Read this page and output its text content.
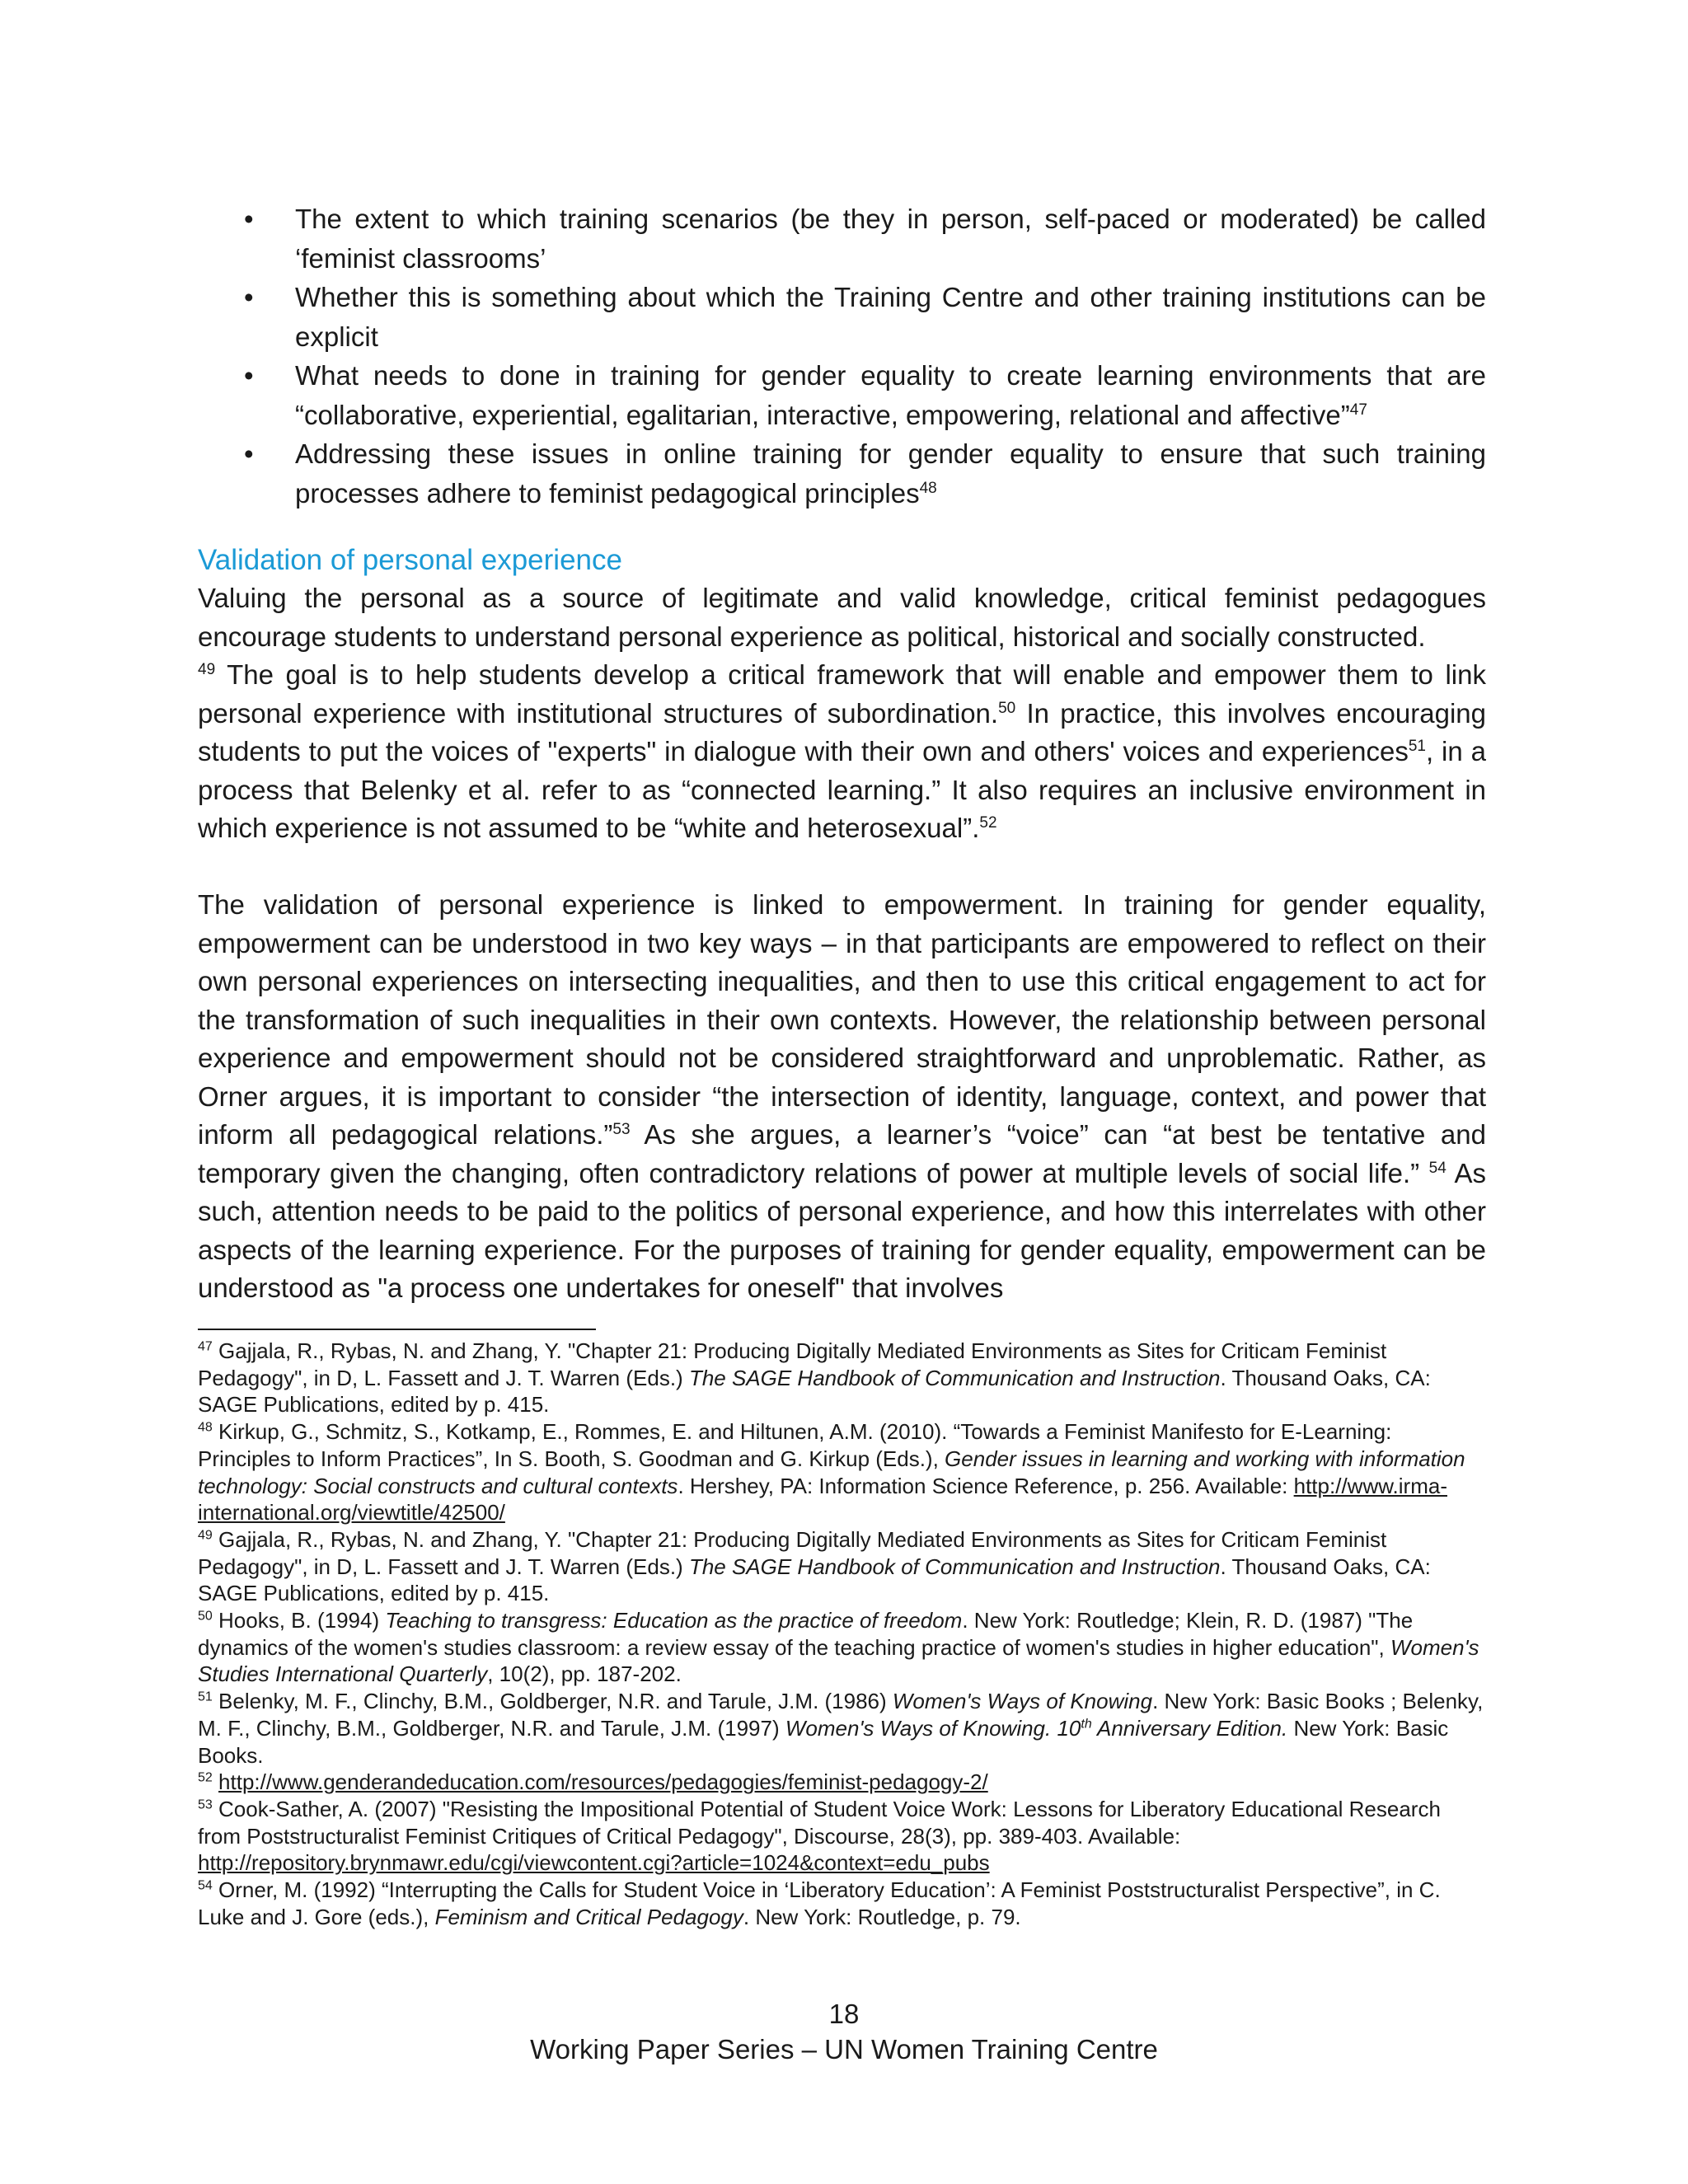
• The extent to which training scenarios (be they in person, self-paced or moderated) be called ‘feminist classrooms’
• Whether this is something about which the Training Centre and other training institutions can be explicit
• What needs to done in training for gender equality to create learning environments that are “collaborative, experiential, egalitarian, interactive, empowering, relational and affective”$^{47}$
• Addressing these issues in online training for gender equality to ensure that such training processes adhere to feminist pedagogical principles$^{48}$
Validation of personal experience

Valuing the personal as a source of legitimate and valid knowledge, critical feminist pedagogues encourage students to understand personal experience as political, historical and socially constructed.
$^{49}$ The goal is to help students develop a critical framework that will enable and empower them to link personal experience with institutional structures of subordination.$^{50}$ In practice, this involves encouraging students to put the voices of "experts" in dialogue with their own and others' voices and experiences$^{51}$, in a process that Belenky et al. refer to as “connected learning.” It also requires an inclusive environment in which experience is not assumed to be “white and heterosexual”.$^{52}$

The validation of personal experience is linked to empowerment. In training for gender equality, empowerment can be understood in two key ways – in that participants are empowered to reflect on their own personal experiences on intersecting inequalities, and then to use this critical engagement to act for the transformation of such inequalities in their own contexts. However, the relationship between personal experience and empowerment should not be considered straightforward and unproblematic. Rather, as Orner argues, it is important to consider “the intersection of identity, language, context, and power that inform all pedagogical relations.”$^{53}$ As she argues, a learner’s “voice” can “at best be tentative and temporary given the changing, often contradictory relations of power at multiple levels of social life.” $^{54}$ As such, attention needs to be paid to the politics of personal experience, and how this interrelates with other aspects of the learning experience. For the purposes of training for gender equality, empowerment can be understood as "a process one undertakes for oneself" that involves

$^{47}$ Gajjala, R., Rybas, N. and Zhang, Y. "Chapter 21: Producing Digitally Mediated Environments as Sites for Criticam Feminist Pedagogy", in D, L. Fassett and J. T. Warren (Eds.) The SAGE Handbook of Communication and Instruction. Thousand Oaks, CA: SAGE Publications, edited by p. 415.

$^{48}$ Kirkup, G., Schmitz, S., Kotkamp, E., Rommes, E. and Hiltunen, A.M. (2010). “Towards a Feminist Manifesto for E-Learning: Principles to Inform Practices”, In S. Booth, S. Goodman and G. Kirkup (Eds.), Gender issues in learning and working with information technology: Social constructs and cultural contexts. Hershey, PA: Information Science Reference, p. 256. Available: http://www.irma-international.org/viewtitle/42500/

$^{49}$ Gajjala, R., Rybas, N. and Zhang, Y. "Chapter 21: Producing Digitally Mediated Environments as Sites for Criticam Feminist Pedagogy", in D, L. Fassett and J. T. Warren (Eds.) The SAGE Handbook of Communication and Instruction. Thousand Oaks, CA: SAGE Publications, edited by p. 415.

$^{50}$ Hooks, B. (1994) Teaching to transgress: Education as the practice of freedom. New York: Routledge; Klein, R. D. (1987) "The dynamics of the women's studies classroom: a review essay of the teaching practice of women's studies in higher education", Women's Studies International Quarterly, 10(2), pp. 187-202.

$^{51}$ Belenky, M. F., Clinchy, B.M., Goldberger, N.R. and Tarule, J.M. (1986) Women's Ways of Knowing. New York: Basic Books ; Belenky, M. F., Clinchy, B.M., Goldberger, N.R. and Tarule, J.M. (1997) Women's Ways of Knowing. 10th Anniversary Edition. New York: Basic Books.

$^{52}$ http://www.genderandeducation.com/resources/pedagogies/feminist-pedagogy-2/

$^{53}$ Cook-Sather, A. (2007) "Resisting the Impositional Potential of Student Voice Work: Lessons for Liberatory Educational Research from Poststructuralist Feminist Critiques of Critical Pedagogy", Discourse, 28(3), pp. 389-403. Available: http://repository.brynmawr.edu/cgi/viewcontent.cgi?article=1024&context=edu_pubs

$^{54}$ Orner, M. (1992) “Interrupting the Calls for Student Voice in ‘Liberatory Education’: A Feminist Poststructuralist Perspective”, in C. Luke and J. Gore (eds.), Feminism and Critical Pedagogy. New York: Routledge, p. 79.

18
Working Paper Series – UN Women Training Centre
